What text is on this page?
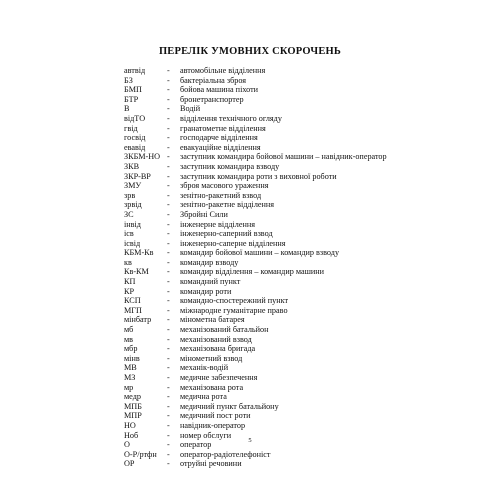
ПЕРЕЛІК УМОВНИХ СКОРОЧЕНЬ
автвід	- автомобільне відділення
БЗ	- бактеріальна зброя
БМП	- бойова машина піхоти
БТР	- бронетранспортер
В	- Водій
відТО	- відділення технічного огляду
гвід	- гранатометне відділення
госвід	- господарче відділення
евавід	- евакуаційне відділення
ЗКБМ-НО - заступник командира бойової машини – навідник-оператор
ЗКВ	- заступник командира взводу
ЗКР-ВР - заступник командира роти з виховної роботи
ЗМУ	- зброя масового ураження
зрв	- зенітно-ракетний взвод
зрвід	- зенітно-ракетне відділення
ЗС	- Збройні Сили
інвід	- інженерне відділення
ісв	- інженерно-саперний взвод
ісвід	- інженерно-саперне відділення
КБМ-Кв - командир бойової машини – командир взводу
кв	- командир взводу
Кв-КМ - командир відділення – командир машини
КП	- командний пункт
КР	- командир роти
КСП	- командно-спостережний пункт
МГП	- міжнародне гуманітарне право
мінбатр - мінометна батарея
мб	- механізований батальйон
мв	- механізований взвод
мбр	- механізована бригада
мінв	- мінометний взвод
МВ	- механік-водій
МЗ	- медичне забезпечення
мр	- механізована рота
медр	- медична рота
МПБ	- медичний пункт батальйону
МПР	- медичний пост роти
НО	- навідник-оператор
Ноб	- номер обслуги
О	- оператор
О-Р/ртфн - оператор-радіотелефоніст
ОР	- отруйні речовини
5
